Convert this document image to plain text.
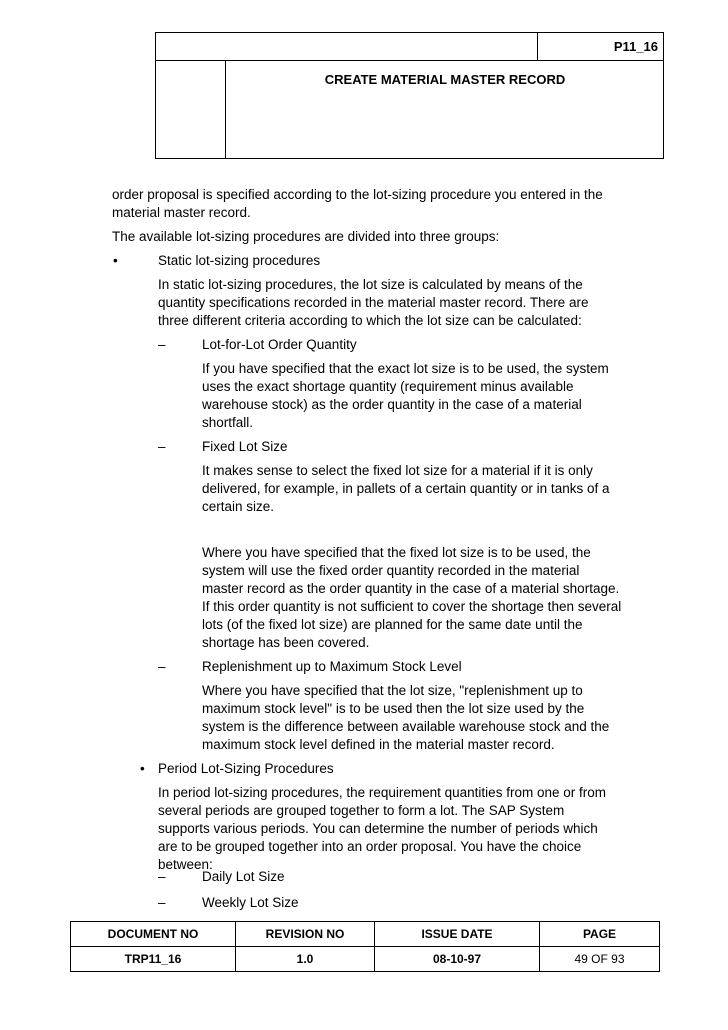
P11_16
CREATE MATERIAL MASTER RECORD

order proposal is specified according to the lot-sizing procedure you entered in the

material master record.

The available lot-sizing procedures are divided into three groups:

•	Static lot-sizing procedures

In static lot-sizing procedures, the lot size is calculated by means of the

quantity specifications recorded in the material master record. There are

three different criteria according to which the lot size can be calculated:

–	Lot-for-Lot Order Quantity

If you have specified that the exact lot size is to be used, the system

uses the exact shortage quantity (requirement minus available

warehouse stock) as the order quantity in the case of a material

shortfall.

–	Fixed Lot Size

It makes sense to select the fixed lot size for a material if it is only

delivered, for example, in pallets of a certain quantity or in tanks of a

certain size.

Where you have specified that the fixed lot size is to be used, the

system will use the fixed order quantity recorded in the material

master record as the order quantity in the case of a material shortage.

If this order quantity is not sufficient to cover the shortage then several

lots (of the fixed lot size) are planned for the same date until the

shortage has been covered.

–	Replenishment up to Maximum Stock Level

Where you have specified that the lot size, "replenishment up to

maximum stock level" is to be used then the lot size used by the

system is the difference between available warehouse stock and the

maximum stock level defined in the material master record.

• Period Lot-Sizing Procedures

In period lot-sizing procedures, the requirement quantities from one or from

several periods are grouped together to form a lot. The SAP System

supports various periods. You can determine the number of periods which

are to be grouped together into an order proposal. You have the choice

between:

–	Daily Lot Size

–	Weekly Lot Size

DOCUMENT NO	REVISION NO	ISSUE DATE	PAGE
TRP11_16	1.0	08-10-97	49 OF 93
